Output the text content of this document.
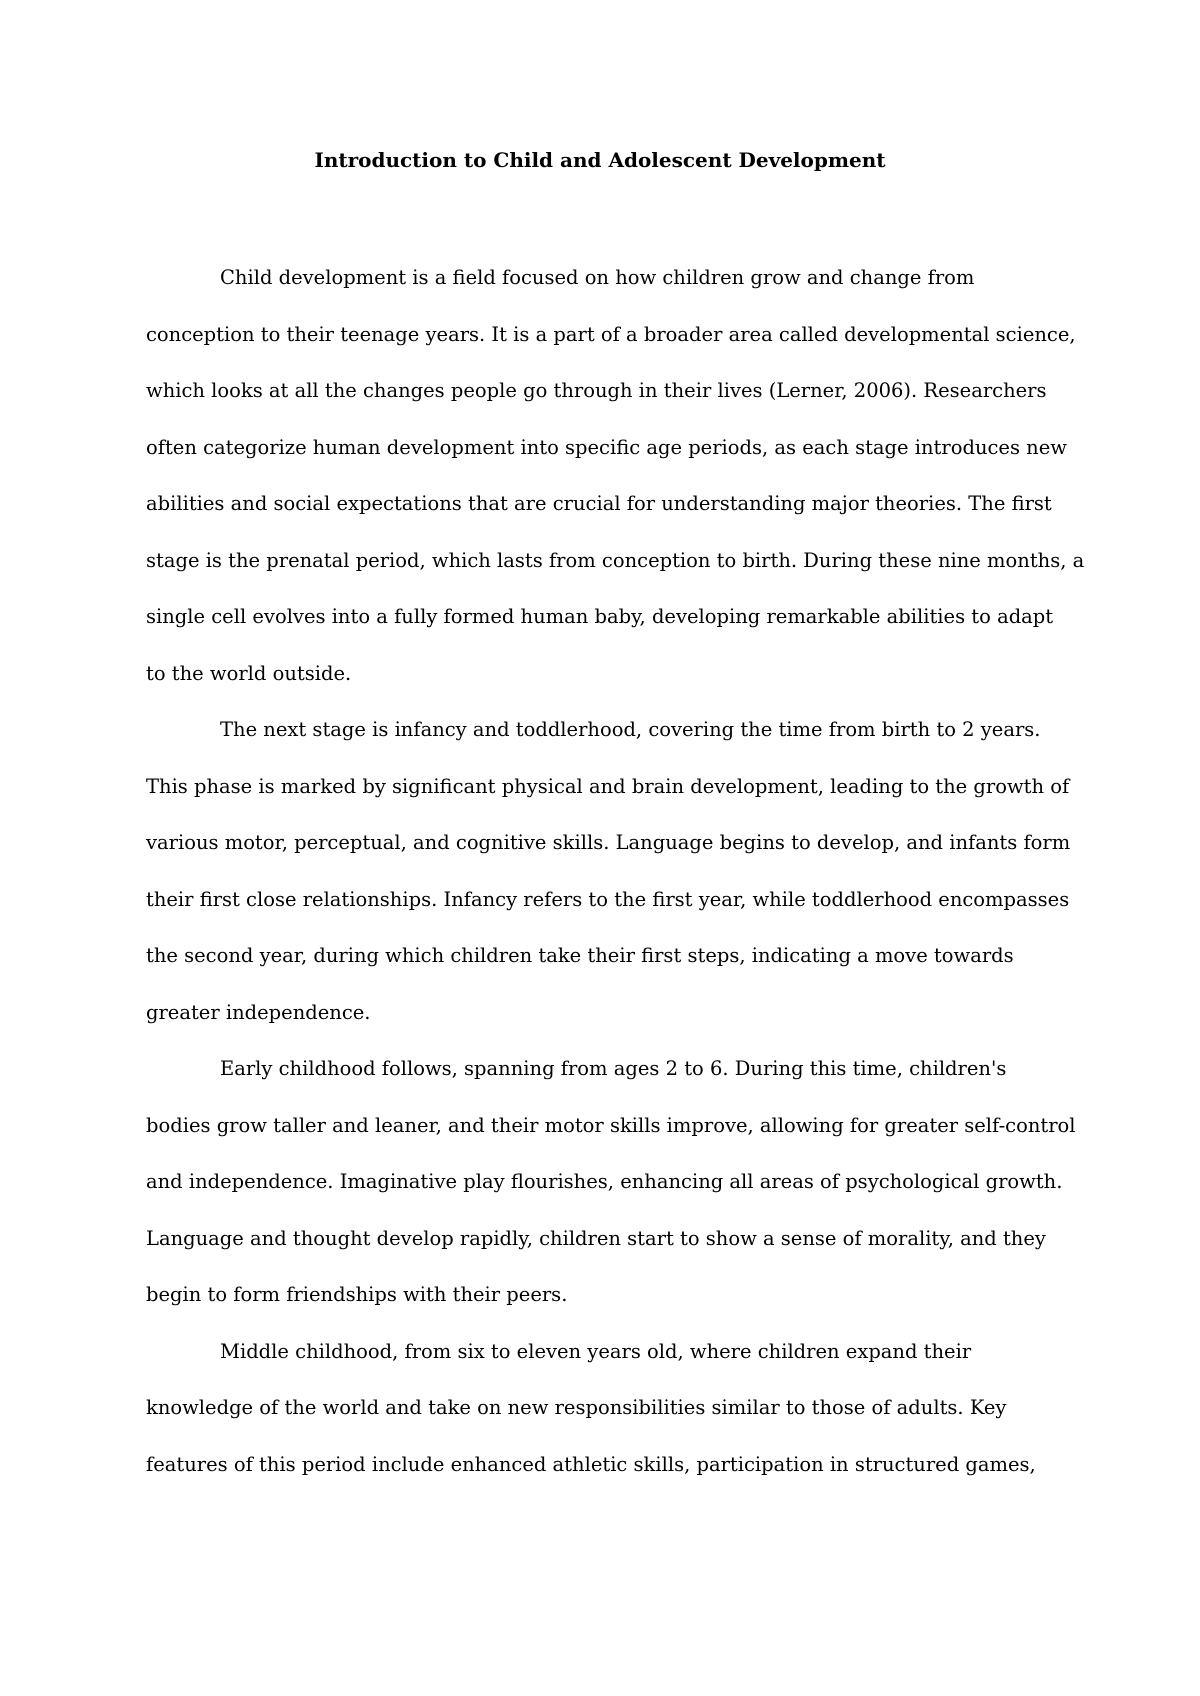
Introduction to Child and Adolescent Development

Child development is a field focused on how children grow and change from
conception to their teenage years. It is a part of a broader area called developmental science,
which looks at all the changes people go through in their lives (Lerner, 2006). Researchers
often categorize human development into specific age periods, as each stage introduces new
abilities and social expectations that are crucial for understanding major theories. The first
stage is the prenatal period, which lasts from conception to birth. During these nine months, a
single cell evolves into a fully formed human baby, developing remarkable abilities to adapt
to the world outside.

The next stage is infancy and toddlerhood, covering the time from birth to 2 years.
This phase is marked by significant physical and brain development, leading to the growth of
various motor, perceptual, and cognitive skills. Language begins to develop, and infants form
their first close relationships. Infancy refers to the first year, while toddlerhood encompasses
the second year, during which children take their first steps, indicating a move towards
greater independence.

Early childhood follows, spanning from ages 2 to 6. During this time, children's
bodies grow taller and leaner, and their motor skills improve, allowing for greater self-control
and independence. Imaginative play flourishes, enhancing all areas of psychological growth.
Language and thought develop rapidly, children start to show a sense of morality, and they
begin to form friendships with their peers.

Middle childhood, from six to eleven years old, where children expand their
knowledge of the world and take on new responsibilities similar to those of adults. Key
features of this period include enhanced athletic skills, participation in structured games,
